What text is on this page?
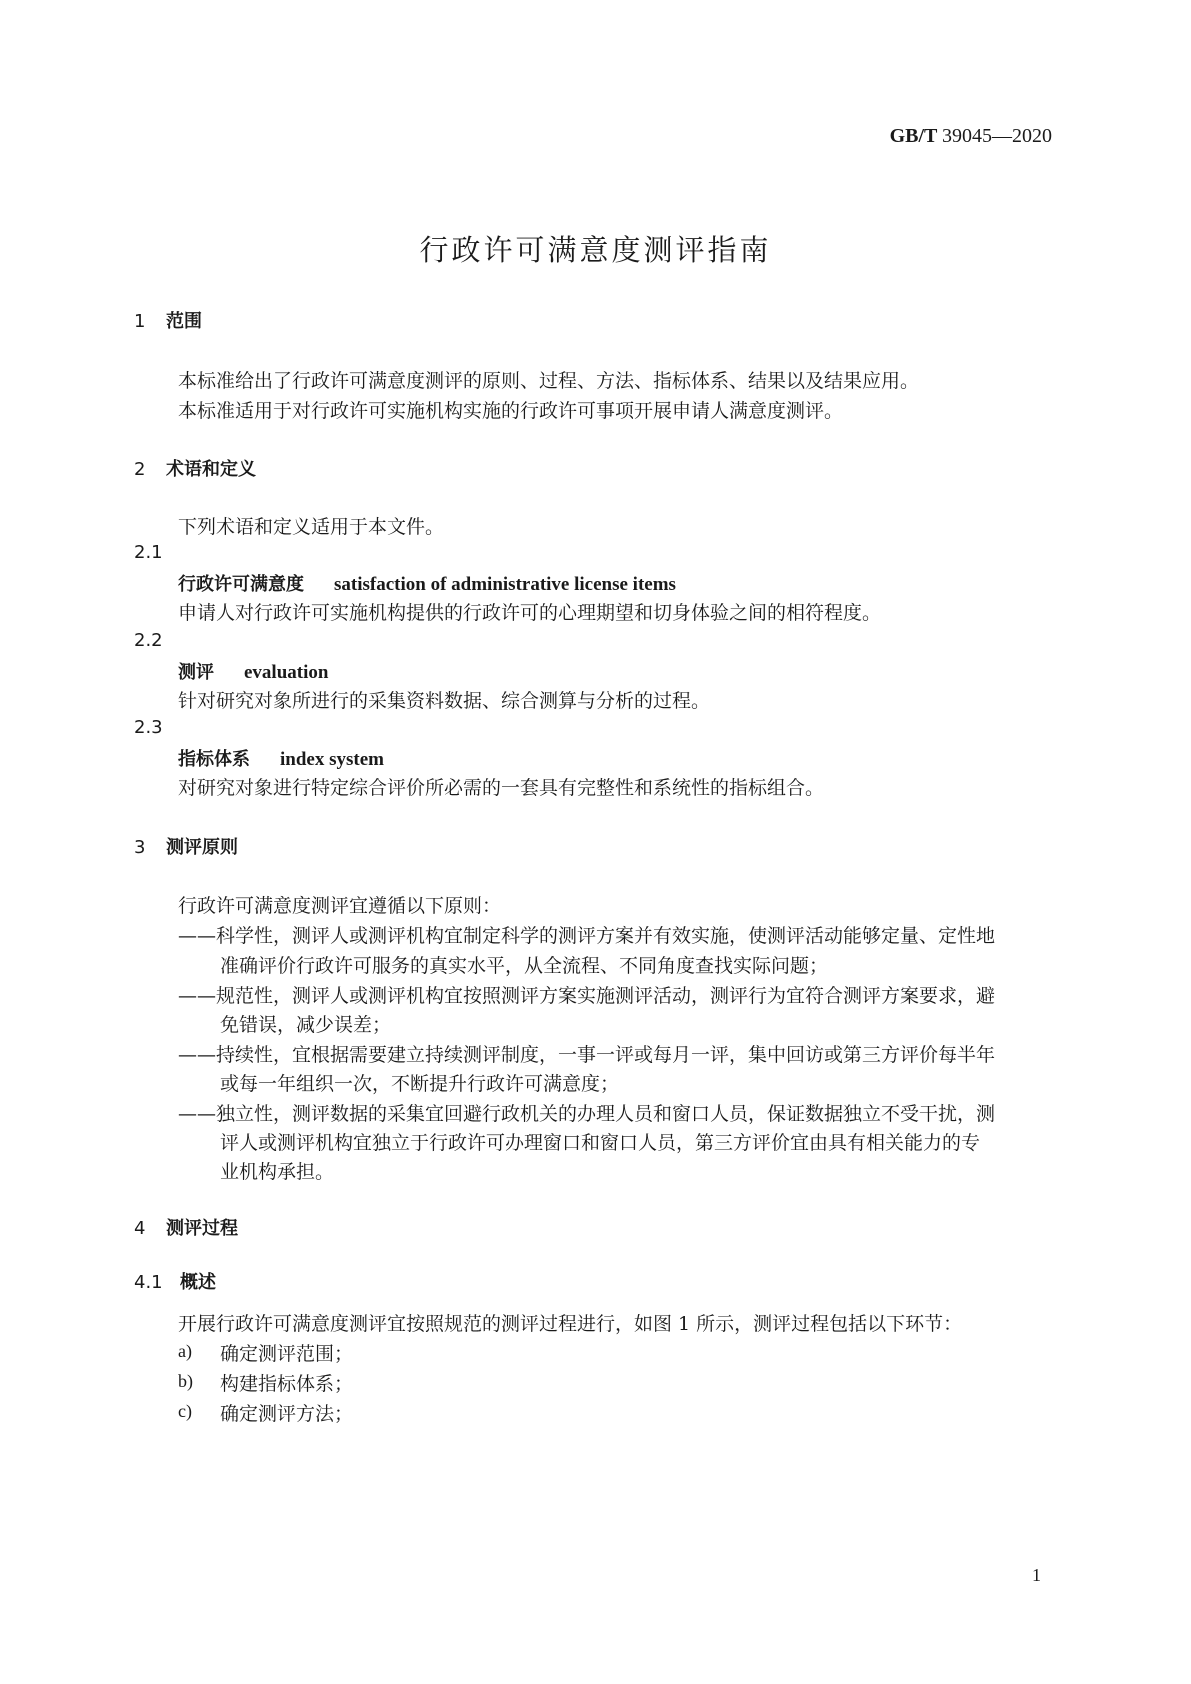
GB/T 39045—2020
行政许可满意度测评指南
1 范围
本标准给出了行政许可满意度测评的原则、过程、方法、指标体系、结果以及结果应用。
本标准适用于对行政许可实施机构实施的行政许可事项开展申请人满意度测评。
2 术语和定义
下列术语和定义适用于本文件。
2.1
行政许可满意度 satisfaction of administrative license items
申请人对行政许可实施机构提供的行政许可的心理期望和切身体验之间的相符程度。
2.2
测评 evaluation
针对研究对象所进行的采集资料数据、综合测算与分析的过程。
2.3
指标体系 index system
对研究对象进行特定综合评价所必需的一套具有完整性和系统性的指标组合。
3 测评原则
行政许可满意度测评宜遵循以下原则：
——科学性，测评人或测评机构宜制定科学的测评方案并有效实施，使测评活动能够定量、定性地
准确评价行政许可服务的真实水平，从全流程、不同角度查找实际问题；
——规范性，测评人或测评机构宜按照测评方案实施测评活动，测评行为宜符合测评方案要求，避
免错误，减少误差；
——持续性，宜根据需要建立持续测评制度，一事一评或每月一评，集中回访或第三方评价每半年
或每一年组织一次，不断提升行政许可满意度；
——独立性，测评数据的采集宜回避行政机关的办理人员和窗口人员，保证数据独立不受干扰，测
评人或测评机构宜独立于行政许可办理窗口和窗口人员，第三方评价宜由具有相关能力的专
业机构承担。
4 测评过程
4.1 概述
开展行政许可满意度测评宜按照规范的测评过程进行，如图 1 所示，测评过程包括以下环节：
a) 确定测评范围；
b) 构建指标体系；
c) 确定测评方法；
1
